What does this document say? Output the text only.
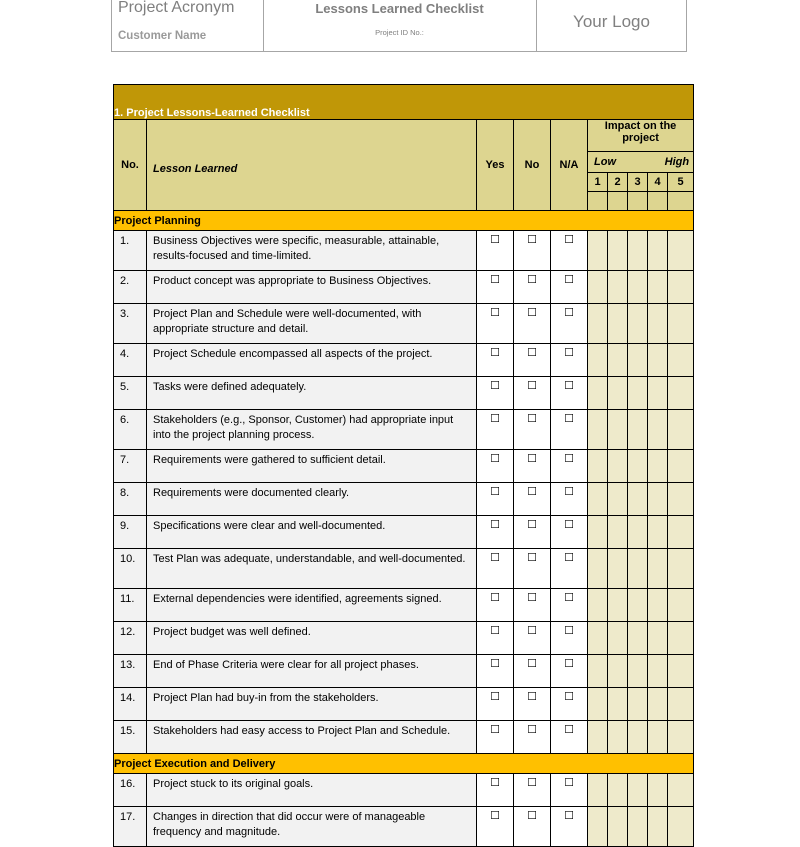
Project Acronym
Customer Name
Lessons Learned Checklist
Project ID No.:
Your Logo
1. Project Lessons-Learned Checklist									
No.	Lesson Learned	Yes	No	N/A	Impact on the project				

					Low High				

					1	2	3	4	5

Project Planning									
1.	Business Objectives were specific, measurable, attainable, results-focused and time-limited.	☐	☐	☐					
2.	Product concept was appropriate to Business Objectives.	☐	☐	☐					
3.	Project Plan and Schedule were well-documented, with appropriate structure and detail.	☐	☐	☐					
4.	Project Schedule encompassed all aspects of the project.	☐	☐	☐					
5.	Tasks were defined adequately.	☐	☐	☐					
6.	Stakeholders (e.g., Sponsor, Customer) had appropriate input into the project planning process.	☐	☐	☐					
7.	Requirements were gathered to sufficient detail.	☐	☐	☐					
8.	Requirements were documented clearly.	☐	☐	☐					
9.	Specifications were clear and well-documented.	☐	☐	☐					
10.	Test Plan was adequate, understandable, and well-documented.	☐	☐	☐					
11.	External dependencies were identified, agreements signed.	☐	☐	☐					
12.	Project budget was well defined.	☐	☐	☐					
13.	End of Phase Criteria were clear for all project phases.	☐	☐	☐					
14.	Project Plan had buy-in from the stakeholders.	☐	☐	☐					
15.	Stakeholders had easy access to Project Plan and Schedule.	☐	☐	☐					
Project Execution and Delivery									
16.	Project stuck to its original goals.	☐	☐	☐					
17.	Changes in direction that did occur were of manageable frequency and magnitude.	☐	☐	☐					
